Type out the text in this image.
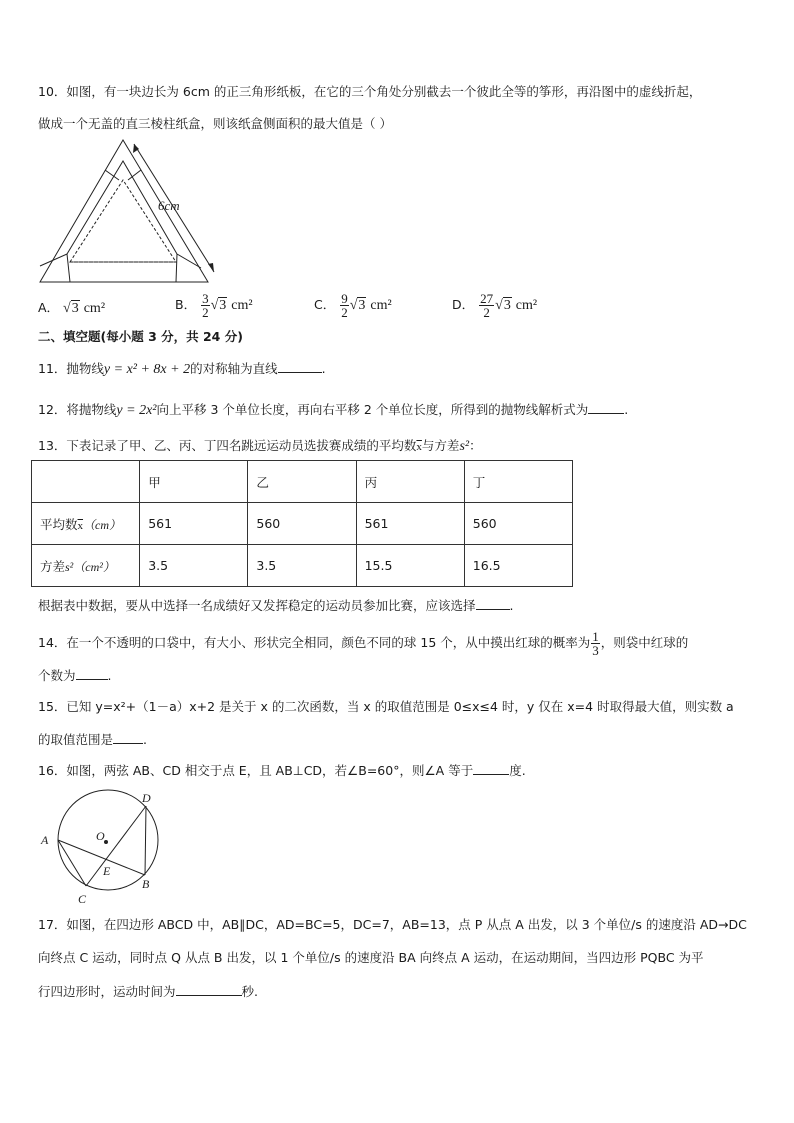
10．如图，有一块边长为 6cm 的正三角形纸板，在它的三个角处分别截去一个彼此全等的筝形，再沿图中的虚线折起，
做成一个无盖的直三棱柱纸盒，则该纸盒侧面积的最大值是（ ）
6cm
A． √3 cm²	B． $\frac{3}{2} √3$ cm²	C． $\frac{9}{2} √3$ cm²	D． $\frac{27}{2} √3$ cm²
二、填空题(每小题 3 分，共 24 分)
11．抛物线y = x² + 8x + 2的对称轴为直线	.
12．将抛物线y = 2x²向上平移 3 个单位长度，再向右平移 2 个单位长度，所得到的抛物线解析式为	.
13．下表记录了甲、乙、丙、丁四名跳远运动员选拔赛成绩的平均数$\overline{x}$与方差s²：
	甲	乙	丙	丁
平均数$\overline{x}(cm)$	561	560	561	560
方差s²（cm²）	3.5	3.5	15.5	16.5
根据表中数据，要从中选择一名成绩好又发挥稳定的运动员参加比赛，应该选择	.
14．在一个不透明的口袋中，有大小、形状完全相同，颜色不同的球 15 个，从中摸出红球的概率为 $\frac{1}{3}$ ，则袋中红球的
个数为	.
15．已知 y=x²+（1－a）x+2 是关于 x 的二次函数，当 x 的取值范围是 0≤x≤4 时，y 仅在 x=4 时取得最大值，则实数 a
的取值范围是 .
16．如图，两弦 AB、CD 相交于点 E，且 AB⊥CD，若∠B=60°，则∠A 等于	度.
A
B
C
D
E
O
17．如图，在四边形 ABCD 中，AB∥DC，AD=BC=5，DC=7，AB=13，点 P 从点 A 出发，以 3 个单位/s 的速度沿 AD→DC
向终点 C 运动，同时点 Q 从点 B 出发，以 1 个单位/s 的速度沿 BA 向终点 A 运动，在运动期间，当四边形 PQBC 为平
行四边形时，运动时间为	秒.
